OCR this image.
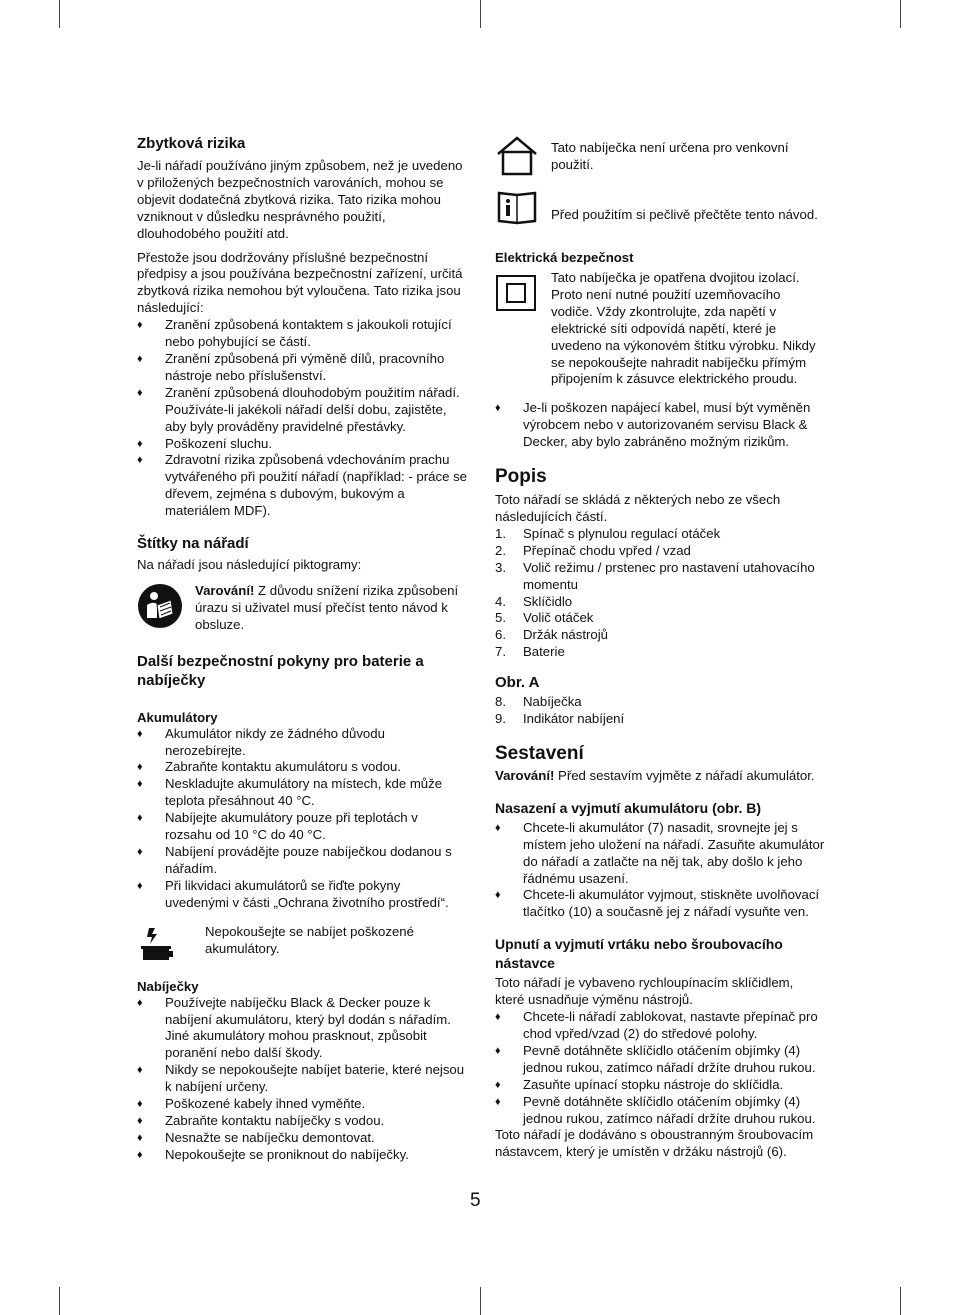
Zbytková rizika

Je-li nářadí používáno jiným způsobem, než je uvedeno v přiložených bezpečnostních varováních, mohou se objevit dodatečná zbytková rizika. Tato rizika mohou vzniknout v důsledku nesprávného použití, dlouhodobého použití atd.

Přestože jsou dodržovány příslušné bezpečnostní předpisy a jsou používána bezpečnostní zařízení, určitá zbytková rizika nemohou být vyloučena. Tato rizika jsou následující:

♦ Zranění způsobená kontaktem s jakoukoli rotující nebo pohybující se částí.
♦ Zranění způsobená při výměně dílů, pracovního nástroje nebo příslušenství.
♦ Zranění způsobená dlouhodobým použitím nářadí. Používáte-li jakékoli nářadí delší dobu, zajistěte, aby byly prováděny pravidelné přestávky.
♦ Poškození sluchu.
♦ Zdravotní rizika způsobená vdechováním prachu vytvářeného při použití nářadí (například: - práce se dřevem, zejména s dubovým, bukovým a materiálem MDF).
Štítky na nářadí

Na nářadí jsou následující piktogramy:

Varování! Z důvodu snížení rizika způsobení úrazu si uživatel musí přečíst tento návod k obsluze.

Další bezpečnostní pokyny pro baterie a nabíječky
Akumulátory
♦ Akumulátor nikdy ze žádného důvodu nerozebírejte.
♦ Zabraňte kontaktu akumulátoru s vodou.
♦ Neskladujte akumulátory na místech, kde může teplota přesáhnout 40 °C.
♦ Nabíjejte akumulátory pouze při teplotách v rozsahu od 10 °C do 40 °C.
♦ Nabíjení provádějte pouze nabíječkou dodanou s nářadím.
♦ Při likvidaci akumulátorů se řiďte pokyny uvedenými v části „Ochrana životního prostředí“.

Nepokoušejte se nabíjet poškozené akumulátory.

Nabíječky
♦ Používejte nabíječku Black & Decker pouze k nabíjení akumulátoru, který byl dodán s nářadím. Jiné akumulátory mohou prasknout, způsobit poranění nebo další škody.
♦ Nikdy se nepokoušejte nabíjet baterie, které nejsou k nabíjení určeny.
♦ Poškozené kabely ihned vyměňte.
♦ Zabraňte kontaktu nabíječky s vodou.
♦ Nesnažte se nabíječku demontovat.
♦ Nepokoušejte se proniknout do nabíječky.

Tato nabíječka není určena pro venkovní použití.

Před použitím si pečlivě přečtěte tento návod.

Elektrická bezpečnost

Tato nabíječka je opatřena dvojitou izolací. Proto není nutné použití uzemňovacího vodiče. Vždy zkontrolujte, zda napětí v elektrické síti odpovídá napětí, které je uvedeno na výkonovém štítku výrobku. Nikdy se nepokoušejte nahradit nabíječku přímým připojením k zásuvce elektrického proudu.

♦ Je-li poškozen napájecí kabel, musí být vyměněn výrobcem nebo v autorizovaném servisu Black & Decker, aby bylo zabráněno možným rizikům.
Popis

Toto nářadí se skládá z některých nebo ze všech následujících částí.

1. Spínač s plynulou regulací otáček
2. Přepínač chodu vpřed / vzad
3. Volič režimu / prstenec pro nastavení utahovacího momentu
4. Sklíčidlo
5. Volič otáček
6. Držák nástrojů
7. Baterie
Obr. A
8. Nabíječka
9. Indikátor nabíjení
Sestavení

Varování! Před sestavím vyjměte z nářadí akumulátor.

Nasazení a vyjmutí akumulátoru (obr. B)
♦ Chcete-li akumulátor (7) nasadit, srovnejte jej s místem jeho uložení na nářadí. Zasuňte akumulátor do nářadí a zatlačte na něj tak, aby došlo k jeho řádnému usazení.
♦ Chcete-li akumulátor vyjmout, stiskněte uvolňovací tlačítko (10) a současně jej z nářadí vysuňte ven.
Upnutí a vyjmutí vrtáku nebo šroubovacího nástavce

Toto nářadí je vybaveno rychloupínacím sklíčidlem, které usnadňuje výměnu nástrojů.

♦ Chcete-li nářadí zablokovat, nastavte přepínač pro chod vpřed/vzad (2) do středové polohy.
♦ Pevně dotáhněte sklíčidlo otáčením objímky (4) jednou rukou, zatímco nářadí držíte druhou rukou.
♦ Zasuňte upínací stopku nástroje do sklíčidla.
♦ Pevně dotáhněte sklíčidlo otáčením objímky (4) jednou rukou, zatímco nářadí držíte druhou rukou.

Toto nářadí je dodáváno s oboustranným šroubovacím nástavcem, který je umístěn v držáku nástrojů (6).

5
